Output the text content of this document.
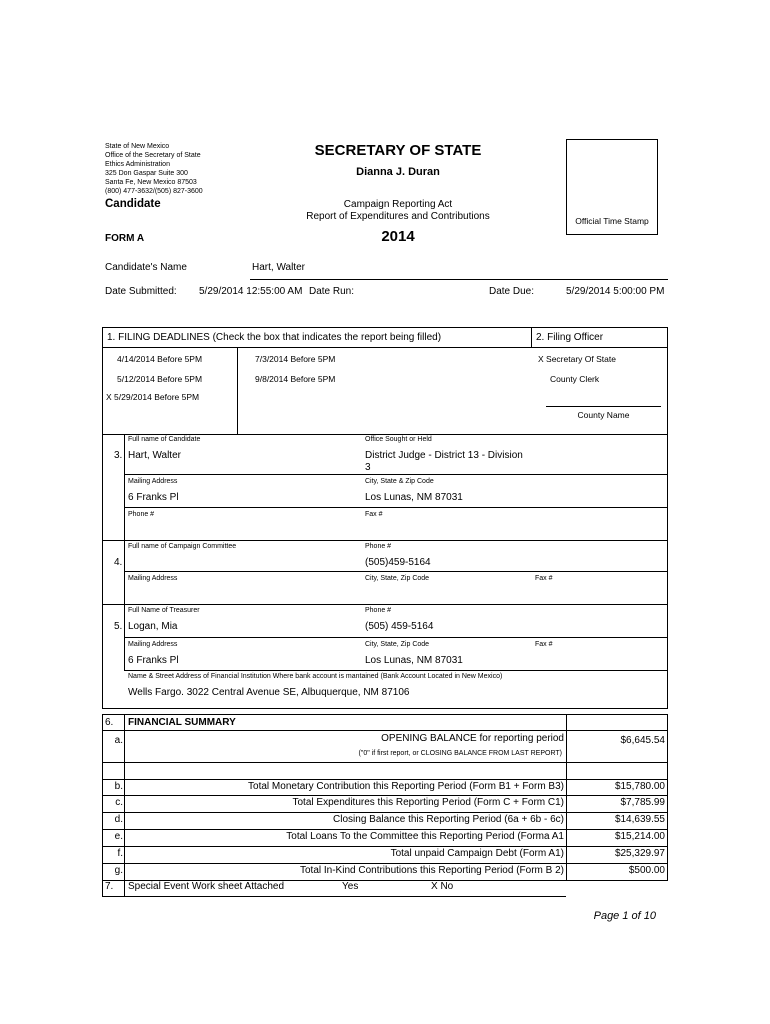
State of New Mexico
Office of the Secretary of State
Ethics Administration
325 Don Gaspar Suite 300
Santa Fe, New Mexico 87503
(800) 477-3632/(505) 827-3600
SECRETARY OF STATE
Dianna J. Duran
Candidate	Campaign Reporting Act
Report of Expenditures and Contributions
2014
FORM A
Official Time Stamp
Candidate's Name	Hart, Walter
Date Submitted: 5/29/2014 12:55:00 AM Date Run:	Date Due:	5/29/2014 5:00:00 PM
1. FILING DEADLINES (Check the box that indicates the report being filled)	2. Filing Officer
4/14/2014 Before 5PM	7/3/2014 Before 5PM
5/12/2014 Before 5PM	9/8/2014 Before 5PM
X 5/29/2014 Before 5PM
X Secretary Of State
County Clerk
County Name
3.
Full name of Candidate
Hart, Walter
Office Sought or Held
District Judge - District 13 - Division
3
Mailing Address
6 Franks Pl
City, State & Zip Code
Los Lunas, NM 87031
Phone #	Fax #
4.
Full name of Campaign Committee	Phone #
(505)459-5164
Mailing Address	City, State, Zip Code	Fax #
5.
Full Name of Treasurer
Logan, Mia
Phone #
(505) 459-5164
Mailing Address
6 Franks Pl
City, State, Zip Code
Los Lunas, NM 87031
Fax #
Name & Street Address of Financial Institution Where bank account is mantained (Bank Account Located in New Mexico)
Wells Fargo. 3022 Central Avenue SE, Albuquerque, NM 87106
6. FINANCIAL SUMMARY
a.	OPENING BALANCE for reporting period
("0" if first report, or CLOSING BALANCE FROM LAST REPORT)
$6,645.54
b.	Total Monetary Contribution this Reporting Period (Form B1 + Form B3)	$15,780.00
c.	Total Expenditures this Reporting Period (Form C + Form C1)	$7,785.99
d.	Closing Balance this Reporting Period (6a + 6b - 6c)	$14,639.55
e.	Total Loans To the Committee this Reporting Period (Forma A1	$15,214.00
f.	Total unpaid Campaign Debt (Form A1)	$25,329.97
g.	Total In-Kind Contributions this Reporting Period (Form B 2)	$500.00
7. Special Event Work sheet Attached	Yes	X No
Page 1 of 10
